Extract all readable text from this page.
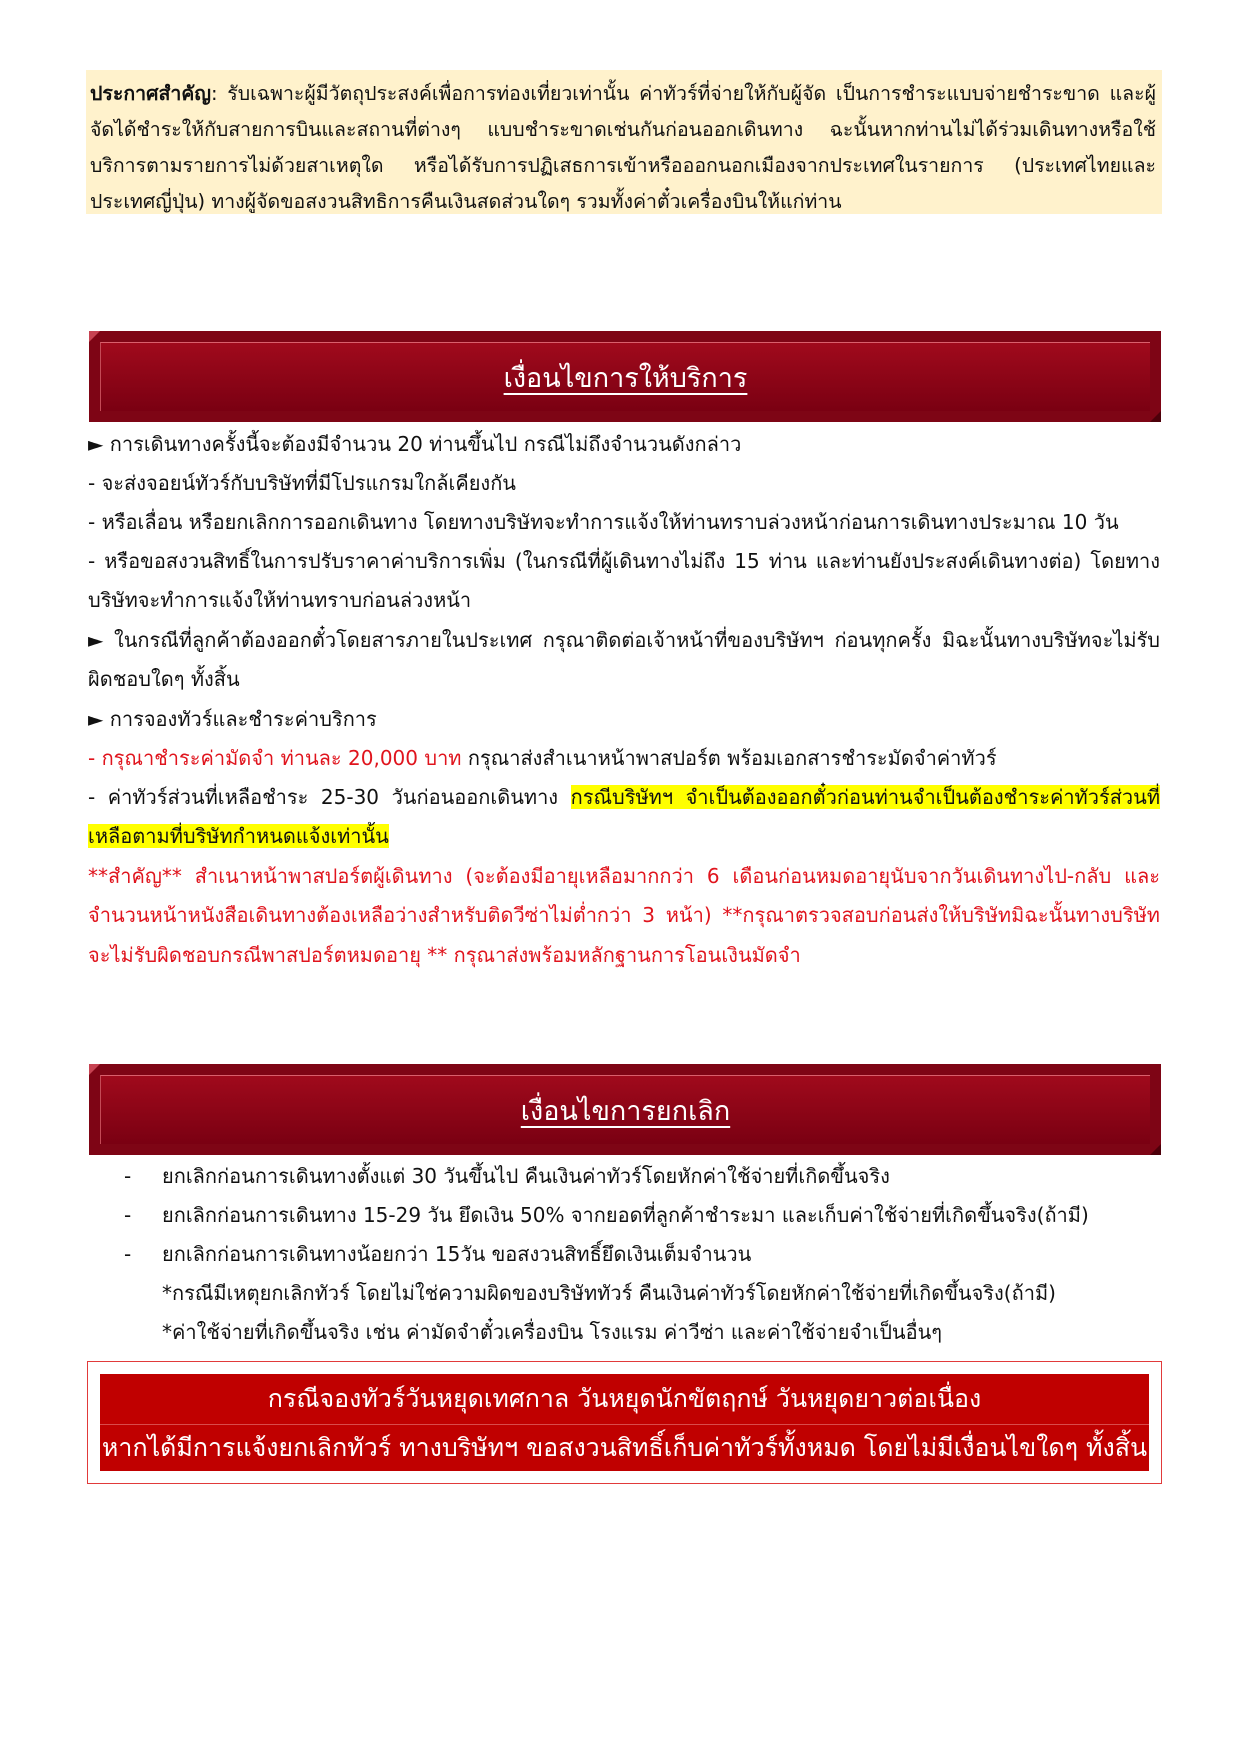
ประกาศสำคัญ: รับเฉพาะผู้มีวัตถุประสงค์เพื่อการท่องเที่ยวเท่านั้น ค่าทัวร์ที่จ่ายให้กับผู้จัด เป็นการชำระแบบจ่ายชำระขาด และผู้จัดได้ชำระให้กับสายการบินและสถานที่ต่างๆ แบบชำระขาดเช่นกันก่อนออกเดินทาง ฉะนั้นหากท่านไม่ได้ร่วมเดินทางหรือใช้บริการตามรายการไม่ด้วยสาเหตุใด หรือได้รับการปฏิเสธการเข้าหรือออกนอกเมืองจากประเทศในรายการ (ประเทศไทยและประเทศญี่ปุ่น) ทางผู้จัดขอสงวนสิทธิการคืนเงินสดส่วนใดๆ รวมทั้งค่าตั๋วเครื่องบินให้แก่ท่าน
เงื่อนไขการให้บริการ

► การเดินทางครั้งนี้จะต้องมีจำนวน 20 ท่านขึ้นไป กรณีไม่ถึงจำนวนดังกล่าว

- จะส่งจอยน์ทัวร์กับบริษัทที่มีโปรแกรมใกล้เคียงกัน

- หรือเลื่อน หรือยกเลิกการออกเดินทาง โดยทางบริษัทจะทำการแจ้งให้ท่านทราบล่วงหน้าก่อนการเดินทางประมาณ 10 วัน

- หรือขอสงวนสิทธิ์ในการปรับราคาค่าบริการเพิ่ม (ในกรณีที่ผู้เดินทางไม่ถึง 15 ท่าน และท่านยังประสงค์เดินทางต่อ) โดยทางบริษัทจะทำการแจ้งให้ท่านทราบก่อนล่วงหน้า

► ในกรณีที่ลูกค้าต้องออกตั๋วโดยสารภายในประเทศ กรุณาติดต่อเจ้าหน้าที่ของบริษัทฯ ก่อนทุกครั้ง มิฉะนั้นทางบริษัทจะไม่รับผิดชอบใดๆ ทั้งสิ้น

► การจองทัวร์และชำระค่าบริการ

- กรุณาชำระค่ามัดจำ ท่านละ 20,000 บาท กรุณาส่งสำเนาหน้าพาสปอร์ต พร้อมเอกสารชำระมัดจำค่าทัวร์

- ค่าทัวร์ส่วนที่เหลือชำระ 25-30 วันก่อนออกเดินทาง กรณีบริษัทฯ จำเป็นต้องออกตั๋วก่อนท่านจำเป็นต้องชำระค่าทัวร์ส่วนที่เหลือตามที่บริษัทกำหนดแจ้งเท่านั้น

**สำคัญ** สำเนาหน้าพาสปอร์ตผู้เดินทาง (จะต้องมีอายุเหลือมากกว่า 6 เดือนก่อนหมดอายุนับจากวันเดินทางไป-กลับ และจำนวนหน้าหนังสือเดินทางต้องเหลือว่างสำหรับติดวีซ่าไม่ต่ำกว่า 3 หน้า) **กรุณาตรวจสอบก่อนส่งให้บริษัทมิฉะนั้นทางบริษัทจะไม่รับผิดชอบกรณีพาสปอร์ตหมดอายุ ** กรุณาส่งพร้อมหลักฐานการโอนเงินมัดจำ

เงื่อนไขการยกเลิก
- ยกเลิกก่อนการเดินทางตั้งแต่ 30 วันขึ้นไป คืนเงินค่าทัวร์โดยหักค่าใช้จ่ายที่เกิดขึ้นจริง
- ยกเลิกก่อนการเดินทาง 15-29 วัน ยึดเงิน 50% จากยอดที่ลูกค้าชำระมา และเก็บค่าใช้จ่ายที่เกิดขึ้นจริง(ถ้ามี)
- ยกเลิกก่อนการเดินทางน้อยกว่า 15วัน ขอสงวนสิทธิ์ยึดเงินเต็มจำนวน
*กรณีมีเหตุยกเลิกทัวร์ โดยไม่ใช่ความผิดของบริษัททัวร์ คืนเงินค่าทัวร์โดยหักค่าใช้จ่ายที่เกิดขึ้นจริง(ถ้ามี)
*ค่าใช้จ่ายที่เกิดขึ้นจริง เช่น ค่ามัดจำตั๋วเครื่องบิน โรงแรม ค่าวีซ่า และค่าใช้จ่ายจำเป็นอื่นๆ
กรณีจองทัวร์วันหยุดเทศกาล วันหยุดนักขัตฤกษ์ วันหยุดยาวต่อเนื่อง
หากได้มีการแจ้งยกเลิกทัวร์ ทางบริษัทฯ ขอสงวนสิทธิ์เก็บค่าทัวร์ทั้งหมด โดยไม่มีเงื่อนไขใดๆ ทั้งสิ้น
